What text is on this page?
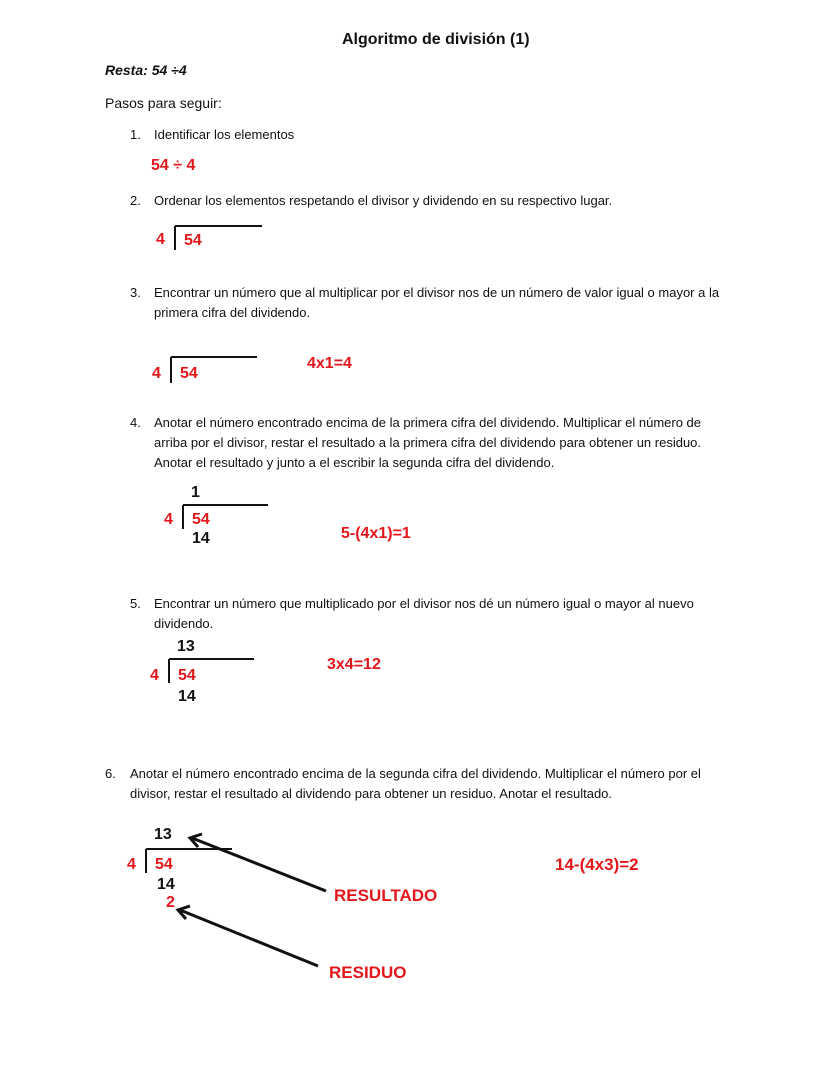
Algoritmo de división (1)
Resta: 54 ÷4
Pasos para seguir:
1. Identificar los elementos
54 ÷ 4
2. Ordenar los elementos respetando el divisor y dividendo en su respectivo lugar.
4 54
3. Encontrar un número que al multiplicar por el divisor nos de un número de valor igual o mayor a la
primera cifra del dividendo.
4 54
4x1=4
4. Anotar el número encontrado encima de la primera cifra del dividendo. Multiplicar el número de
arriba por el divisor, restar el resultado a la primera cifra del dividendo para obtener un residuo.
Anotar el resultado y junto a el escribir la segunda cifra del dividendo.
1
4 54
14	5-(4x1)=1
5. Encontrar un número que multiplicado por el divisor nos dé un número igual o mayor al nuevo
dividendo.
13
4 54
14
3x4=12
6. Anotar el número encontrado encima de la segunda cifra del dividendo. Multiplicar el número por el
divisor, restar el resultado al dividendo para obtener un residuo. Anotar el resultado.
13
4 54
14
2
14-(4x3)=2
RESULTADO
RESIDUO
